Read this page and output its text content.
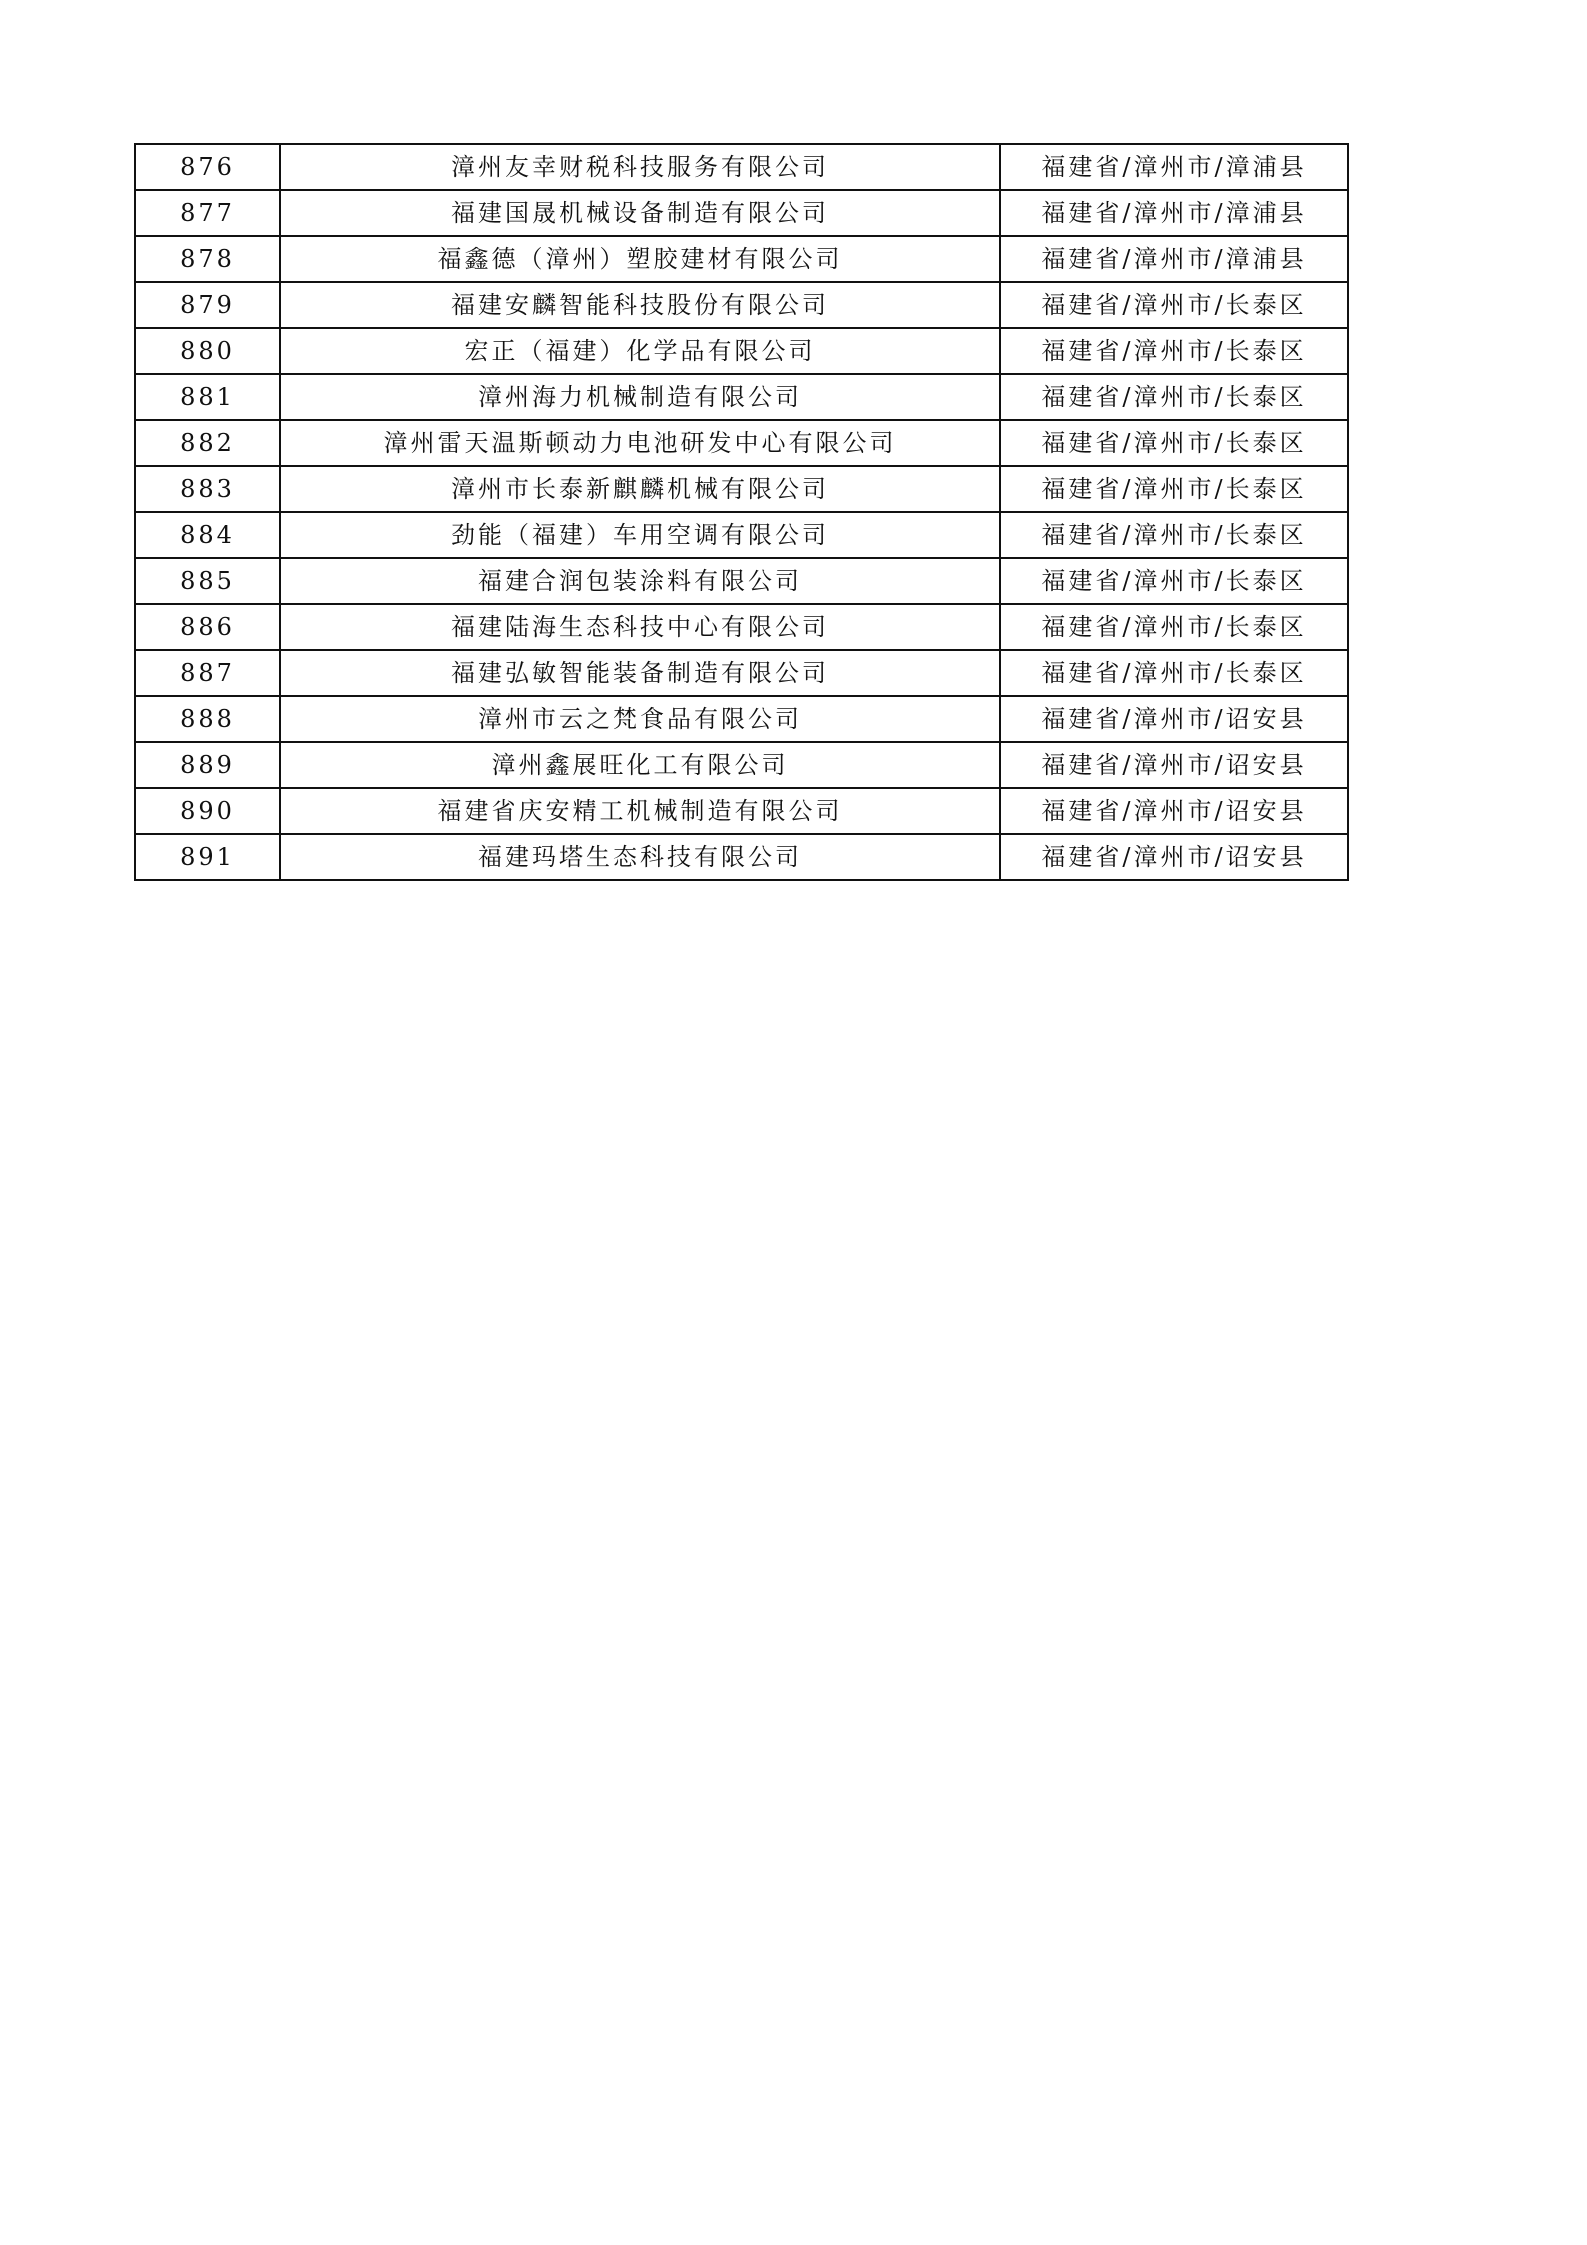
876	漳州友幸财税科技服务有限公司	福建省/漳州市/漳浦县
877	福建国晟机械设备制造有限公司	福建省/漳州市/漳浦县
878	福鑫德（漳州）塑胶建材有限公司	福建省/漳州市/漳浦县
879	福建安麟智能科技股份有限公司	福建省/漳州市/长泰区
880	宏正（福建）化学品有限公司	福建省/漳州市/长泰区
881	漳州海力机械制造有限公司	福建省/漳州市/长泰区
882	漳州雷天温斯顿动力电池研发中心有限公司	福建省/漳州市/长泰区
883	漳州市长泰新麒麟机械有限公司	福建省/漳州市/长泰区
884	劲能（福建）车用空调有限公司	福建省/漳州市/长泰区
885	福建合润包装涂料有限公司	福建省/漳州市/长泰区
886	福建陆海生态科技中心有限公司	福建省/漳州市/长泰区
887	福建弘敏智能装备制造有限公司	福建省/漳州市/长泰区
888	漳州市云之梵食品有限公司	福建省/漳州市/诏安县
889	漳州鑫展旺化工有限公司	福建省/漳州市/诏安县
890	福建省庆安精工机械制造有限公司	福建省/漳州市/诏安县
891	福建玛塔生态科技有限公司	福建省/漳州市/诏安县
